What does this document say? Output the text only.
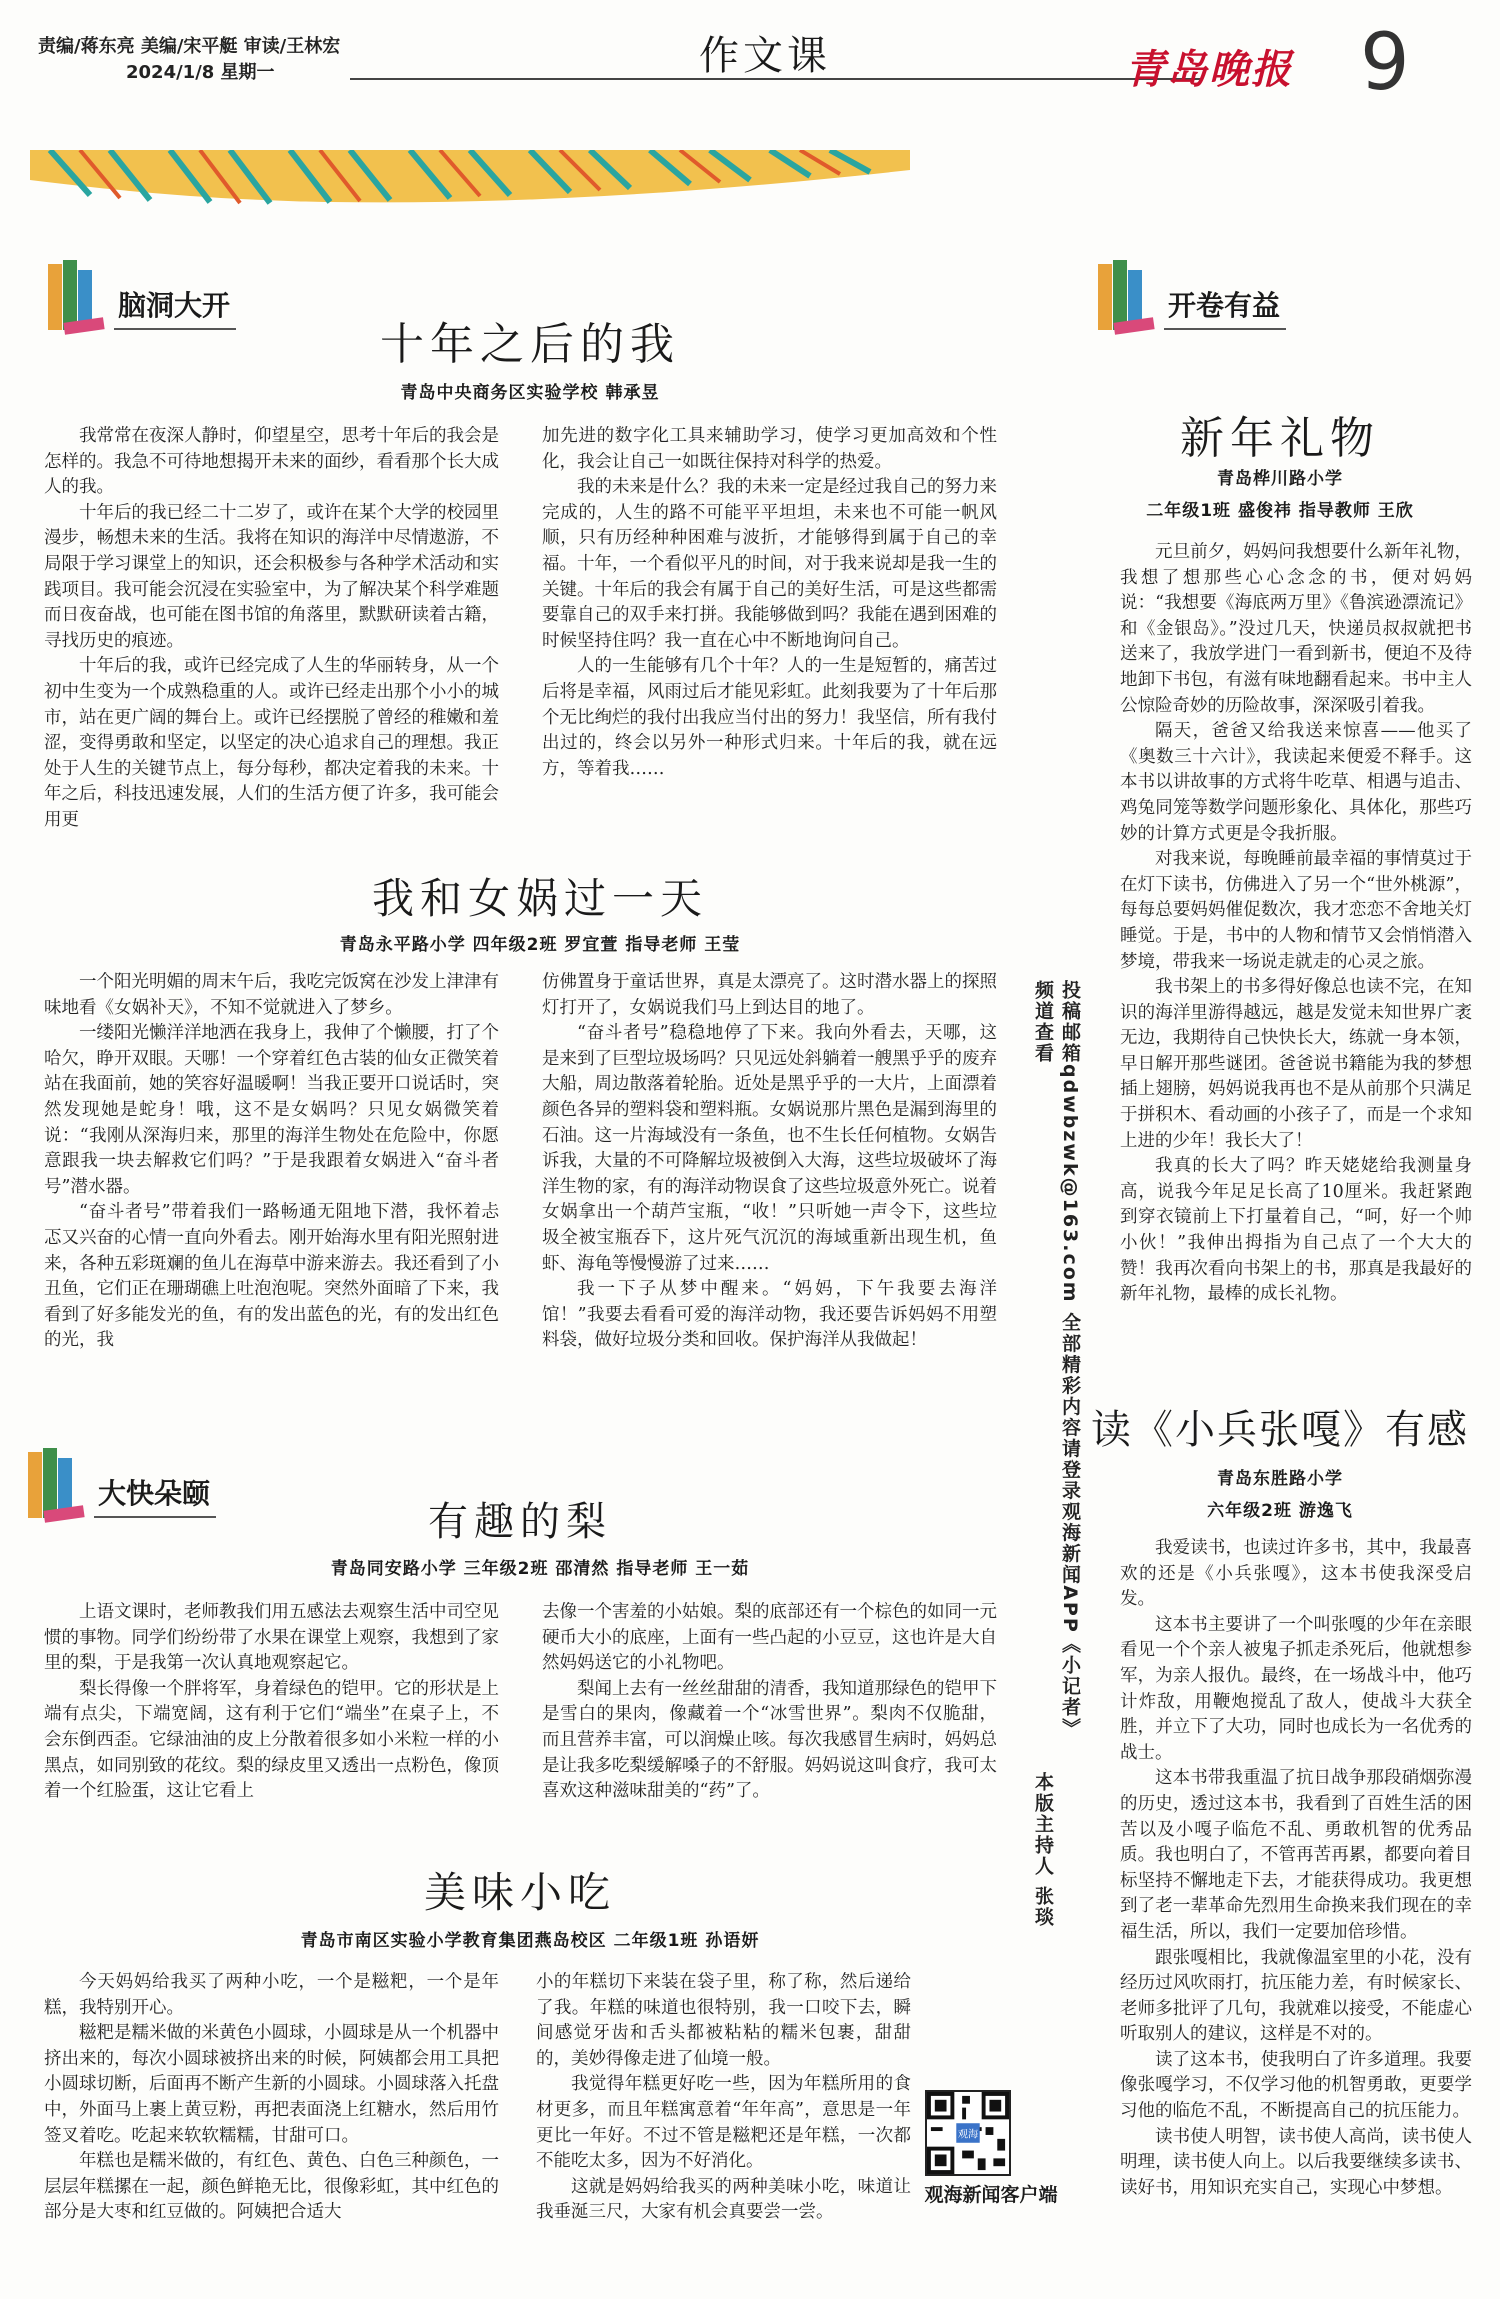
责编/蒋东亮 美编/宋平艇 审读/王林宏
2024/1/8 星期一	作文课	青岛晚报 9
脑洞大开
十年之后的我
青岛中央商务区实验学校 韩承昱

我常常在夜深人静时，仰望星空，思考十年后的我会是怎样的。我急不可待地想揭开未来的面纱，看看那个长大成人的我。

十年后的我已经二十二岁了，或许在某个大学的校园里漫步，畅想未来的生活。我将在知识的海洋中尽情遨游，不局限于学习课堂上的知识，还会积极参与各种学术活动和实践项目。我可能会沉浸在实验室中，为了解决某个科学难题而日夜奋战，也可能在图书馆的角落里，默默研读着古籍，寻找历史的痕迹。

十年后的我，或许已经完成了人生的华丽转身，从一个初中生变为一个成熟稳重的人。或许已经走出那个小小的城市，站在更广阔的舞台上。或许已经摆脱了曾经的稚嫩和羞涩，变得勇敢和坚定，以坚定的决心追求自己的理想。我正处于人生的关键节点上，每分每秒，都决定着我的未来。十年之后，科技迅速发展，人们的生活方便了许多，我可能会用更

加先进的数字化工具来辅助学习，使学习更加高效和个性化，我会让自己一如既往保持对科学的热爱。

我的未来是什么？我的未来一定是经过我自己的努力来完成的，人生的路不可能平平坦坦，未来也不可能一帆风顺，只有历经种种困难与波折，才能够得到属于自己的幸福。十年，一个看似平凡的时间，对于我来说却是我一生的关键。十年后的我会有属于自己的美好生活，可是这些都需要靠自己的双手来打拼。我能够做到吗？我能在遇到困难的时候坚持住吗？我一直在心中不断地询问自己。

人的一生能够有几个十年？人的一生是短暂的，痛苦过后将是幸福，风雨过后才能见彩虹。此刻我要为了十年后那个无比绚烂的我付出我应当付出的努力！我坚信，所有我付出过的，终会以另外一种形式归来。十年后的我，就在远方，等着我……

我和女娲过一天
青岛永平路小学 四年级2班 罗宜萱 指导老师 王莹

一个阳光明媚的周末午后，我吃完饭窝在沙发上津津有味地看《女娲补天》，不知不觉就进入了梦乡。

一缕阳光懒洋洋地洒在我身上，我伸了个懒腰，打了个哈欠，睁开双眼。天哪！一个穿着红色古装的仙女正微笑着站在我面前，她的笑容好温暖啊！当我正要开口说话时，突然发现她是蛇身！哦，这不是女娲吗？只见女娲微笑着说：“我刚从深海归来，那里的海洋生物处在危险中，你愿意跟我一块去解救它们吗？”于是我跟着女娲进入“奋斗者号”潜水器。

“奋斗者号”带着我们一路畅通无阻地下潜，我怀着忐忑又兴奋的心情一直向外看去。刚开始海水里有阳光照射进来，各种五彩斑斓的鱼儿在海草中游来游去。我还看到了小丑鱼，它们正在珊瑚礁上吐泡泡呢。突然外面暗了下来，我看到了好多能发光的鱼，有的发出蓝色的光，有的发出红色的光，我

仿佛置身于童话世界，真是太漂亮了。这时潜水器上的探照灯打开了，女娲说我们马上到达目的地了。

“奋斗者号”稳稳地停了下来。我向外看去，天哪，这是来到了巨型垃圾场吗？只见远处斜躺着一艘黑乎乎的废弃大船，周边散落着轮胎。近处是黑乎乎的一大片，上面漂着颜色各异的塑料袋和塑料瓶。女娲说那片黑色是漏到海里的石油。这一片海域没有一条鱼，也不生长任何植物。女娲告诉我，大量的不可降解垃圾被倒入大海，这些垃圾破坏了海洋生物的家，有的海洋动物误食了这些垃圾意外死亡。说着女娲拿出一个葫芦宝瓶，“收！”只听她一声令下，这些垃圾全被宝瓶吞下，这片死气沉沉的海域重新出现生机，鱼虾、海龟等慢慢游了过来……

我一下子从梦中醒来。“妈妈，下午我要去海洋馆！”我要去看看可爱的海洋动物，我还要告诉妈妈不用塑料袋，做好垃圾分类和回收。保护海洋从我做起！

大快朵颐
有趣的梨
青岛同安路小学 三年级2班 邵清然 指导老师 王一茹

上语文课时，老师教我们用五感法去观察生活中司空见惯的事物。同学们纷纷带了水果在课堂上观察，我想到了家里的梨，于是我第一次认真地观察起它。

梨长得像一个胖将军，身着绿色的铠甲。它的形状是上端有点尖，下端宽阔，这有利于它们“端坐”在桌子上，不会东倒西歪。它绿油油的皮上分散着很多如小米粒一样的小黑点，如同别致的花纹。梨的绿皮里又透出一点粉色，像顶着一个红脸蛋，这让它看上

去像一个害羞的小姑娘。梨的底部还有一个棕色的如同一元硬币大小的底座，上面有一些凸起的小豆豆，这也许是大自然妈妈送它的小礼物吧。

梨闻上去有一丝丝甜甜的清香，我知道那绿色的铠甲下是雪白的果肉，像藏着一个“冰雪世界”。梨肉不仅脆甜，而且营养丰富，可以润燥止咳。每次我感冒生病时，妈妈总是让我多吃梨缓解嗓子的不舒服。妈妈说这叫食疗，我可太喜欢这种滋味甜美的“药”了。

美味小吃
青岛市南区实验小学教育集团燕岛校区 二年级1班 孙语妍

今天妈妈给我买了两种小吃，一个是糍粑，一个是年糕，我特别开心。

糍粑是糯米做的米黄色小圆球，小圆球是从一个机器中挤出来的，每次小圆球被挤出来的时候，阿姨都会用工具把小圆球切断，后面再不断产生新的小圆球。小圆球落入托盘中，外面马上裹上黄豆粉，再把表面浇上红糖水，然后用竹签叉着吃。吃起来软软糯糯，甘甜可口。

年糕也是糯米做的，有红色、黄色、白色三种颜色，一层层年糕摞在一起，颜色鲜艳无比，很像彩虹，其中红色的部分是大枣和红豆做的。阿姨把合适大

小的年糕切下来装在袋子里，称了称，然后递给了我。年糕的味道也很特别，我一口咬下去，瞬间感觉牙齿和舌头都被粘粘的糯米包裹，甜甜的，美妙得像走进了仙境一般。

我觉得年糕更好吃一些，因为年糕所用的食材更多，而且年糕寓意着“年年高”，意思是一年更比一年好。不过不管是糍粑还是年糕，一次都不能吃太多，因为不好消化。

这就是妈妈给我买的两种美味小吃，味道让我垂涎三尺，大家有机会真要尝一尝。

观海
观海新闻客户端
投稿邮箱qdwbzwk@163.com 全部精彩内容请登录观海新闻APP《小记者》频道查看
本版主持人 张琰
开卷有益
新年礼物
青岛桦川路小学
二年级1班 盛俊祎 指导教师 王欣

元旦前夕，妈妈问我想要什么新年礼物，我想了想那些心心念念的书，便对妈妈说：“我想要《海底两万里》《鲁滨逊漂流记》和《金银岛》。”没过几天，快递员叔叔就把书送来了，我放学进门一看到新书，便迫不及待地卸下书包，有滋有味地翻看起来。书中主人公惊险奇妙的历险故事，深深吸引着我。

隔天，爸爸又给我送来惊喜——他买了《奥数三十六计》，我读起来便爱不释手。这本书以讲故事的方式将牛吃草、相遇与追击、鸡兔同笼等数学问题形象化、具体化，那些巧妙的计算方式更是令我折服。

对我来说，每晚睡前最幸福的事情莫过于在灯下读书，仿佛进入了另一个“世外桃源”，每每总要妈妈催促数次，我才恋恋不舍地关灯睡觉。于是，书中的人物和情节又会悄悄潜入梦境，带我来一场说走就走的心灵之旅。

我书架上的书多得好像总也读不完，在知识的海洋里游得越远，越是发觉未知世界广袤无边，我期待自己快快长大，练就一身本领，早日解开那些谜团。爸爸说书籍能为我的梦想插上翅膀，妈妈说我再也不是从前那个只满足于拼积木、看动画的小孩子了，而是一个求知上进的少年！我长大了！

我真的长大了吗？昨天姥姥给我测量身高，说我今年足足长高了10厘米。我赶紧跑到穿衣镜前上下打量着自己，“呵，好一个帅小伙！”我伸出拇指为自己点了一个大大的赞！我再次看向书架上的书，那真是我最好的新年礼物，最棒的成长礼物。

读《小兵张嘎》有感
青岛东胜路小学
六年级2班 游逸飞

我爱读书，也读过许多书，其中，我最喜欢的还是《小兵张嘎》，这本书使我深受启发。

这本书主要讲了一个叫张嘎的少年在亲眼看见一个个亲人被鬼子抓走杀死后，他就想参军，为亲人报仇。最终，在一场战斗中，他巧计炸敌，用鞭炮搅乱了敌人，使战斗大获全胜，并立下了大功，同时也成长为一名优秀的战士。

这本书带我重温了抗日战争那段硝烟弥漫的历史，透过这本书，我看到了百姓生活的困苦以及小嘎子临危不乱、勇敢机智的优秀品质。我也明白了，不管再苦再累，都要向着目标坚持不懈地走下去，才能获得成功。我更想到了老一辈革命先烈用生命换来我们现在的幸福生活，所以，我们一定要加倍珍惜。

跟张嘎相比，我就像温室里的小花，没有经历过风吹雨打，抗压能力差，有时候家长、老师多批评了几句，我就难以接受，不能虚心听取别人的建议，这样是不对的。

读了这本书，使我明白了许多道理。我要像张嘎学习，不仅学习他的机智勇敢，更要学习他的临危不乱，不断提高自己的抗压能力。

读书使人明智，读书使人高尚，读书使人明理，读书使人向上。以后我要继续多读书、读好书，用知识充实自己，实现心中梦想。
